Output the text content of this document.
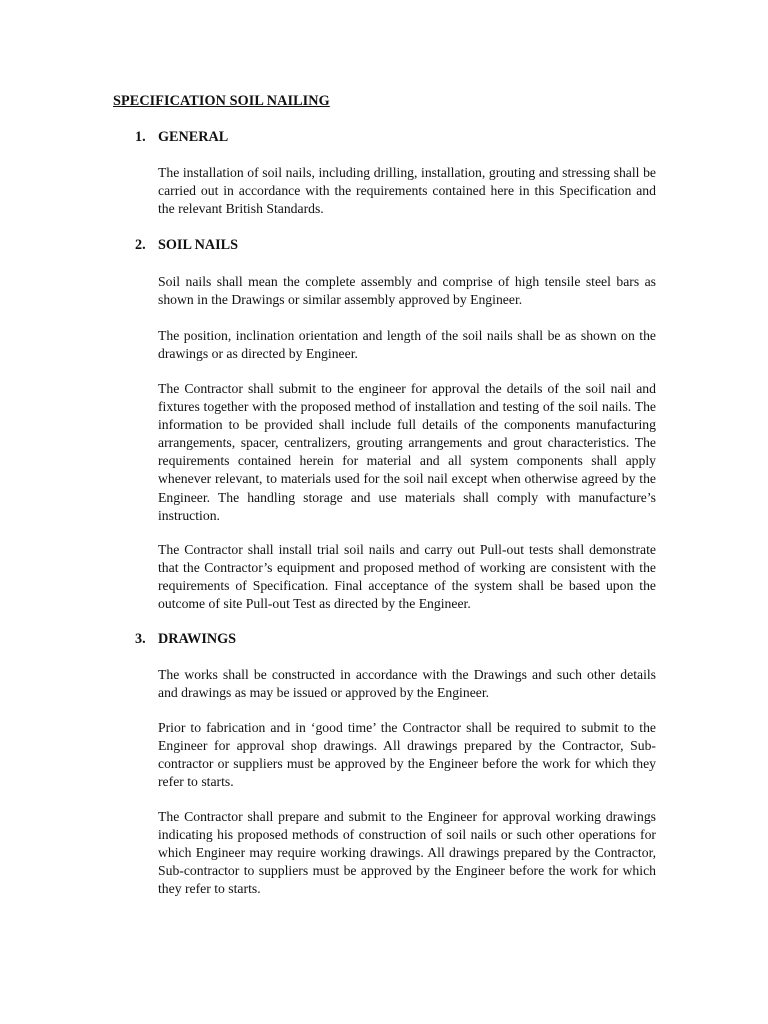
SPECIFICATION SOIL NAILING
1. GENERAL

The installation of soil nails, including drilling, installation, grouting and stressing shall be carried out in accordance with the requirements contained here in this Specification and the relevant British Standards.

2. SOIL NAILS

Soil nails shall mean the complete assembly and comprise of high tensile steel bars as shown in the Drawings or similar assembly approved by Engineer.

The position, inclination orientation and length of the soil nails shall be as shown on the drawings or as directed by Engineer.

The Contractor shall submit to the engineer for approval the details of the soil nail and fixtures together with the proposed method of installation and testing of the soil nails. The information to be provided shall include full details of the components manufacturing arrangements, spacer, centralizers, grouting arrangements and grout characteristics. The requirements contained herein for material and all system components shall apply whenever relevant, to materials used for the soil nail except when otherwise agreed by the Engineer. The handling storage and use materials shall comply with manufacture’s instruction.

The Contractor shall install trial soil nails and carry out Pull-out tests shall demonstrate that the Contractor’s equipment and proposed method of working are consistent with the requirements of Specification. Final acceptance of the system shall be based upon the outcome of site Pull-out Test as directed by the Engineer.

3. DRAWINGS

The works shall be constructed in accordance with the Drawings and such other details and drawings as may be issued or approved by the Engineer.

Prior to fabrication and in ‘good time’ the Contractor shall be required to submit to the Engineer for approval shop drawings. All drawings prepared by the Contractor, Sub-contractor or suppliers must be approved by the Engineer before the work for which they refer to starts.

The Contractor shall prepare and submit to the Engineer for approval working drawings indicating his proposed methods of construction of soil nails or such other operations for which Engineer may require working drawings. All drawings prepared by the Contractor, Sub-contractor to suppliers must be approved by the Engineer before the work for which they refer to starts.
